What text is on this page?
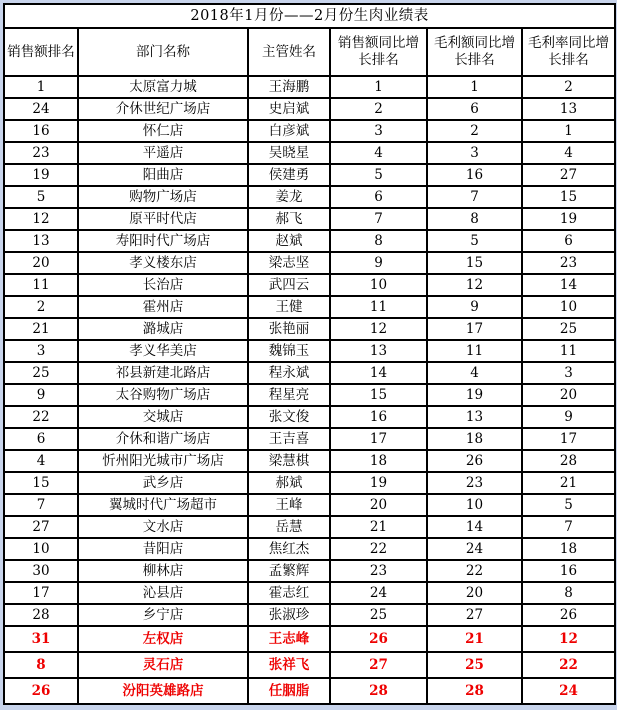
2018年1月份——2月份生肉业绩表					
销售额排名	部门名称	主管姓名	销售额同比增长排名	毛利额同比增长排名	毛利率同比增长排名
1	太原富力城	王海鹏	1	1	2
24	介休世纪广场店	史启斌	2	6	13
16	怀仁店	白彦斌	3	2	1
23	平遥店	吴晓星	4	3	4
19	阳曲店	侯建勇	5	16	27
5	购物广场店	姜龙	6	7	15
12	原平时代店	郝飞	7	8	19
13	寿阳时代广场店	赵斌	8	5	6
20	孝义楼东店	梁志坚	9	15	23
11	长治店	武四云	10	12	14
2	霍州店	王健	11	9	10
21	潞城店	张艳丽	12	17	25
3	孝义华美店	魏锦玉	13	11	11
25	祁县新建北路店	程永斌	14	4	3
9	太谷购物广场店	程星亮	15	19	20
22	交城店	张文俊	16	13	9
6	介休和谐广场店	王吉喜	17	18	17
4	忻州阳光城市广场店	梁慧棋	18	26	28
15	武乡店	郝斌	19	23	21
7	翼城时代广场超市	王峰	20	10	5
27	文水店	岳慧	21	14	7
10	昔阳店	焦红杰	22	24	18
30	柳林店	孟繁辉	23	22	16
17	沁县店	霍志红	24	20	8
28	乡宁店	张淑珍	25	27	26
31	左权店	王志峰	26	21	12
8	灵石店	张祥飞	27	25	22
26	汾阳英雄路店	任胭脂	28	28	24
